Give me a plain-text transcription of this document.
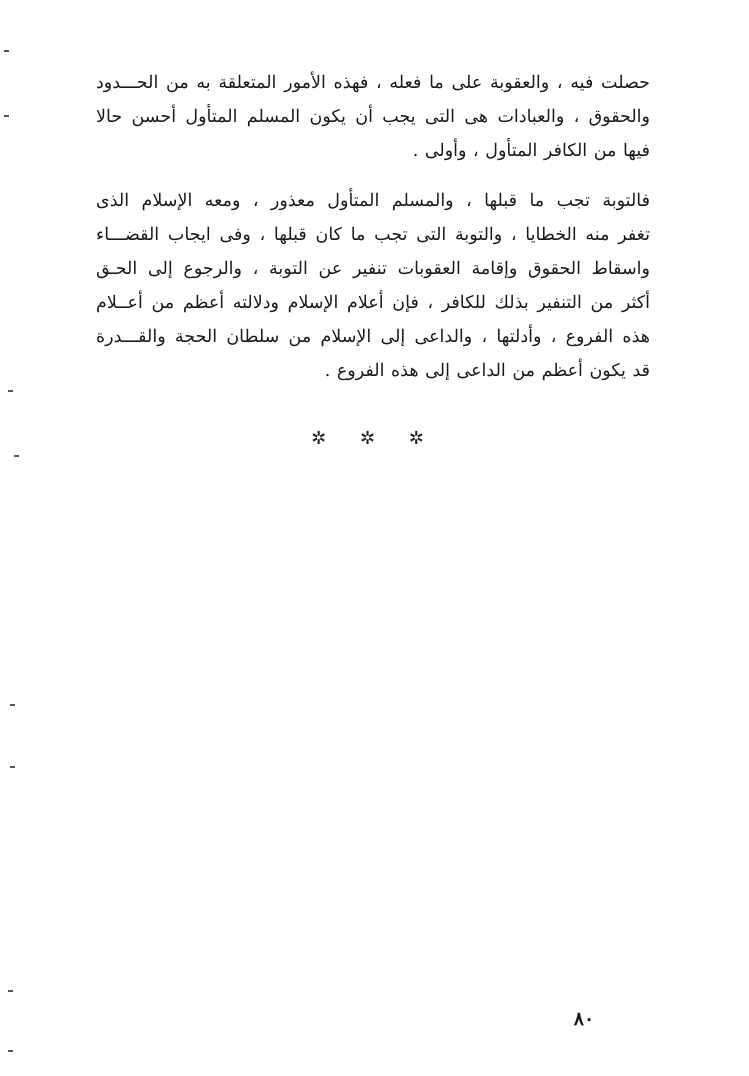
حصلت فيه ، والعقوبة على ما فعله ، فهذه الأمور المتعلقة به من الحـــدود
والحقوق ، والعبادات هى التى يجب أن يكون المسلم المتأول أحسن حالا
فيها من الكافر المتأول ، وأولى .
فالتوبة تجب ما قبلها ، والمسلم المتأول معذور ، ومعه الإسلام الذى
تغفر منه الخطايا ، والتوبة التى تجب ما كان قبلها ، وفى ايجاب القضـــاء
واسقاط الحقوق وإقامة العقوبات تنفير عن التوبة ، والرجوع إلى الحـق
أكثر من التنفير بذلك للكافر ، فإن أعلام الإسلام ودلالته أعظم من أعــلام
هذه الفروع ، وأدلتها ، والداعى إلى الإسلام من سلطان الحجة والقـــدرة
قد يكون أعظم من الداعى إلى هذه الفروع .
✲ ✲ ✲
٨٠
